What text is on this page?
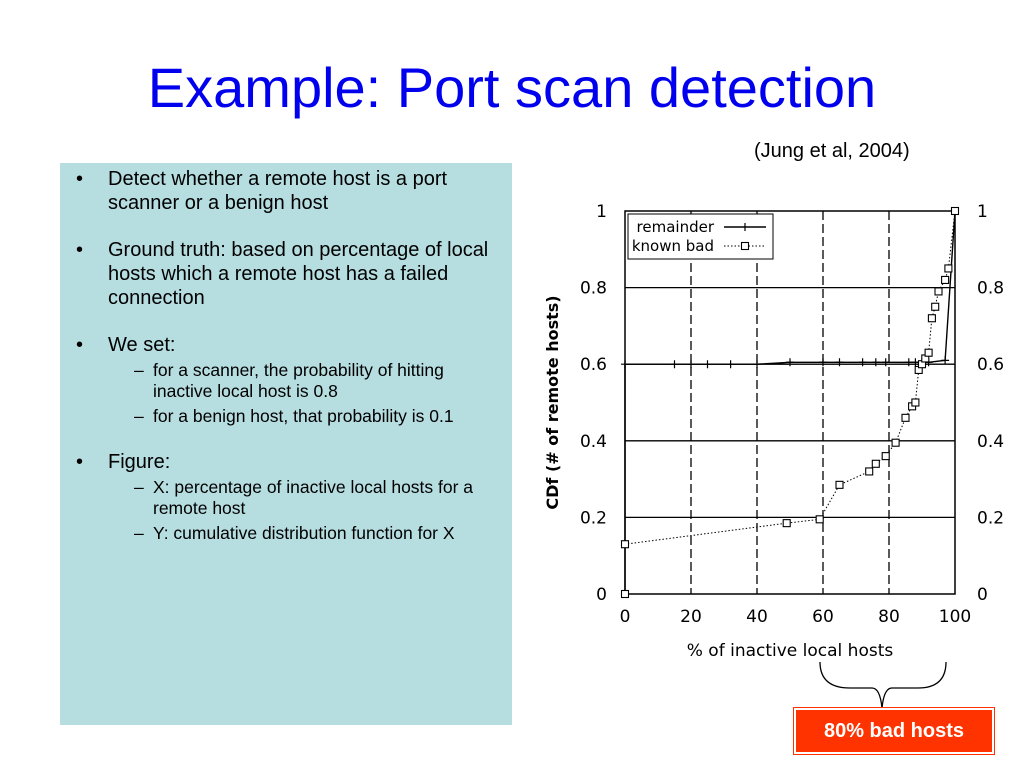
Example: Port scan detection
(Jung et al, 2004)
• Detect whether a remote host is a port scanner or a benign host
• Ground truth: based on percentage of local hosts which a remote host has a failed connection
• We set:
– for a scanner, the probability of hitting inactive local host is 0.8
– for a benign host, that probability is 0.1
• Figure:
– X: percentage of inactive local hosts for a remote host
– Y: cumulative distribution function for X
0	20	40	60	80 100
0	0
0.2	0.2
0.4	0.4
0.6	0.6
0.8	0.8
1	1
% of inactive local hosts
CDf (# of remote hosts)
remainder
known bad
80% bad hosts
